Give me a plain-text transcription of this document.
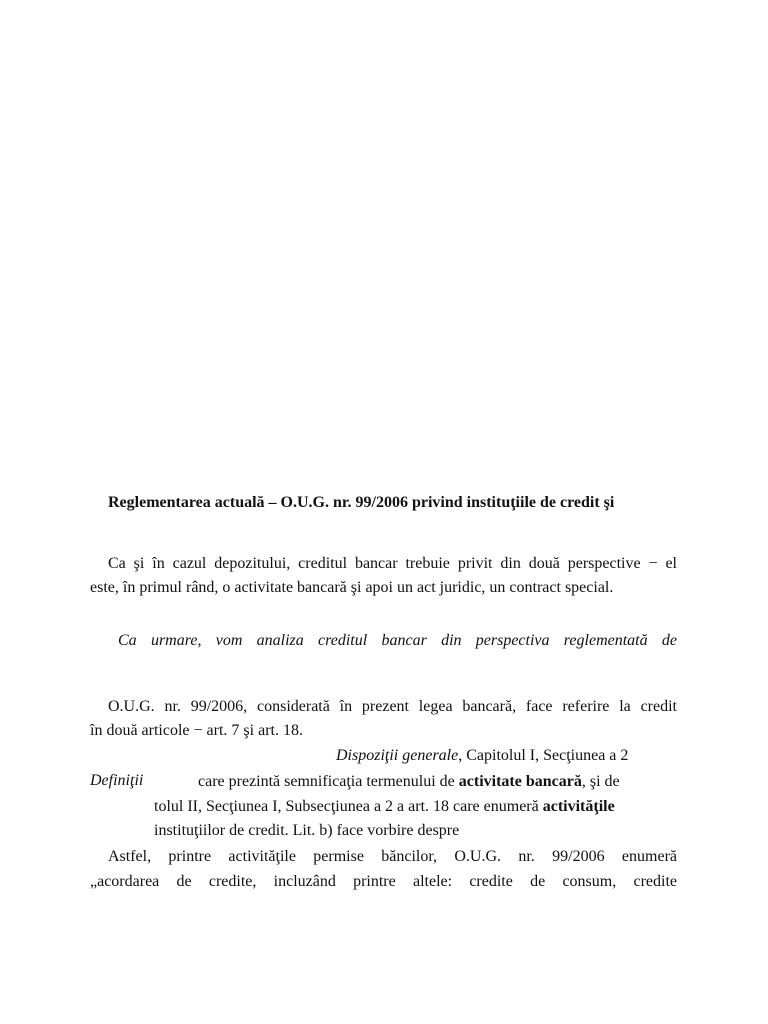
Reglementarea actuală – O.U.G. nr. 99/2006 privind instituţiile de credit şi
Ca şi în cazul depozitului, creditul bancar trebuie privit din două perspective − el
este, în primul rând, o activitate bancară şi apoi un act juridic, un contract special.
Ca urmare, vom analiza creditul bancar din perspectiva reglementată de
O.U.G. nr. 99/2006, considerată în prezent legea bancară, face referire la credit
în două articole − art. 7 şi art. 18.
Dispoziţii generale, Capitolul I, Secţiunea a 2
Definiţii	care prezintă semnificaţia termenului de activitate bancară, şi de
tolul II, Secţiunea I, Subsecţiunea a 2 a art. 18 care enumeră activităţile
instituţiilor de credit. Lit. b) face vorbire despre
Astfel, printre activităţile permise băncilor, O.U.G. nr. 99/2006 enumeră
„acordarea de credite, incluzând printre altele: credite de consum, credite
